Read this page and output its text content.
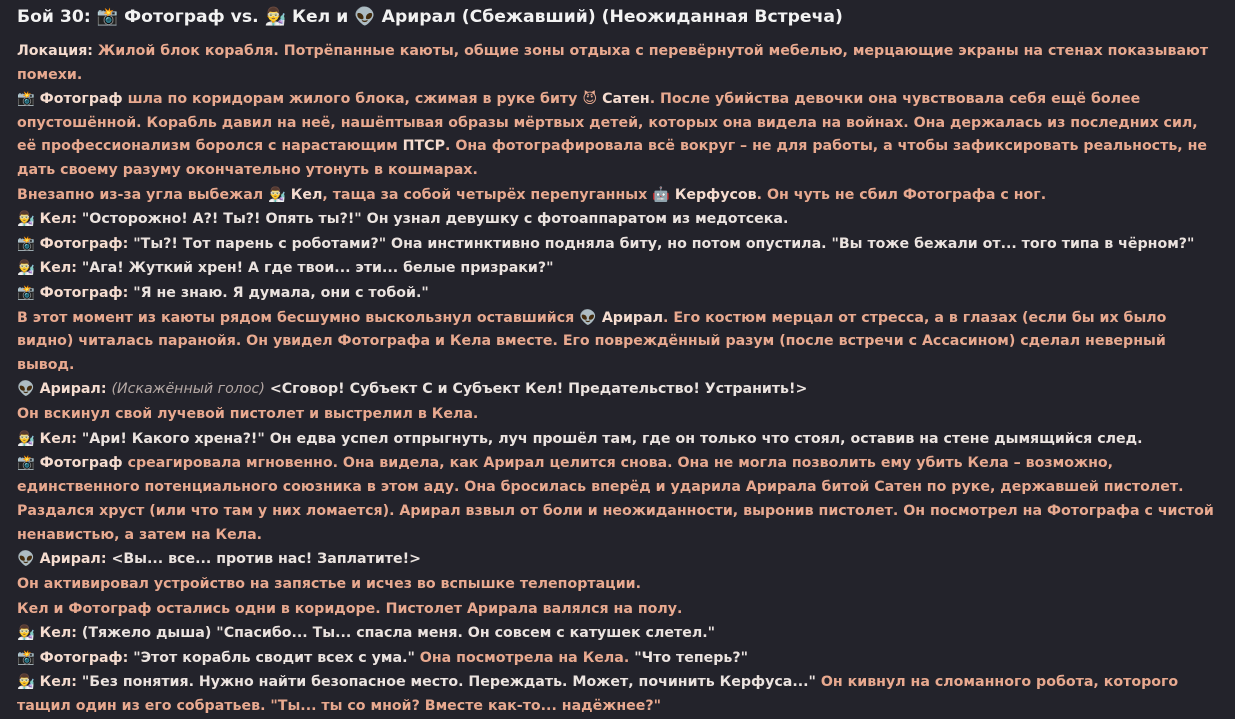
Бой 30: 📸 Фотограф vs. 👨‍🔬 Кел и 👽 Арирал (Сбежавший) (Неожиданная Встреча)
Локация: Жилой блок корабля. Потрёпанные каюты, общие зоны отдыха с перевёрнутой мебелью, мерцающие экраны на стенах показывают помехи.
📸 Фотограф шла по коридорам жилого блока, сжимая в руке биту 😈 Сатен. После убийства девочки она чувствовала себя ещё более опустошённой. Корабль давил на неё, нашёптывая образы мёртвых детей, которых она видела на войнах. Она держалась из последних сил, её профессионализм боролся с нарастающим ПТСР. Она фотографировала всё вокруг – не для работы, а чтобы зафиксировать реальность, не дать своему разуму окончательно утонуть в кошмарах.
Внезапно из-за угла выбежал 👨‍🔬 Кел, таща за собой четырёх перепуганных 🤖 Керфусов. Он чуть не сбил Фотографа с ног.
👨‍🔬 Кел: "Осторожно! А?! Ты?! Опять ты?!" Он узнал девушку с фотоаппаратом из медотсека.
📸 Фотограф: "Ты?! Тот парень с роботами?" Она инстинктивно подняла биту, но потом опустила. "Вы тоже бежали от... того типа в чёрном?"
👨‍🔬 Кел: "Ага! Жуткий хрен! А где твои... эти... белые призраки?"
📸 Фотограф: "Я не знаю. Я думала, они с тобой."
В этот момент из каюты рядом бесшумно выскользнул оставшийся 👽 Арирал. Его костюм мерцал от стресса, а в глазах (если бы их было видно) читалась паранойя. Он увидел Фотографа и Кела вместе. Его повреждённый разум (после встречи с Ассасином) сделал неверный вывод.
👽 Арирал: (Искажённый голос) <Сговор! Субъект С и Субъект Кел! Предательство! Устранить!>
Он вскинул свой лучевой пистолет и выстрелил в Кела.
👨‍🔬 Кел: "Ари! Какого хрена?!" Он едва успел отпрыгнуть, луч прошёл там, где он только что стоял, оставив на стене дымящийся след.
📸 Фотограф среагировала мгновенно. Она видела, как Арирал целится снова. Она не могла позволить ему убить Кела – возможно, единственного потенциального союзника в этом аду. Она бросилась вперёд и ударила Арирала битой Сатен по руке, державшей пистолет.
Раздался хруст (или что там у них ломается). Арирал взвыл от боли и неожиданности, выронив пистолет. Он посмотрел на Фотографа с чистой ненавистью, а затем на Кела.
👽 Арирал: <Вы... все... против нас! Заплатите!>
Он активировал устройство на запястье и исчез во вспышке телепортации.
Кел и Фотограф остались одни в коридоре. Пистолет Арирала валялся на полу.
👨‍🔬 Кел: (Тяжело дыша) "Спасибо... Ты... спасла меня. Он совсем с катушек слетел."
📸 Фотограф: "Этот корабль сводит всех с ума." Она посмотрела на Кела. "Что теперь?"
👨‍🔬 Кел: "Без понятия. Нужно найти безопасное место. Переждать. Может, починить Керфуса..." Он кивнул на сломанного робота, которого тащил один из его собратьев. "Ты... ты со мной? Вместе как-то... надёжнее?"
